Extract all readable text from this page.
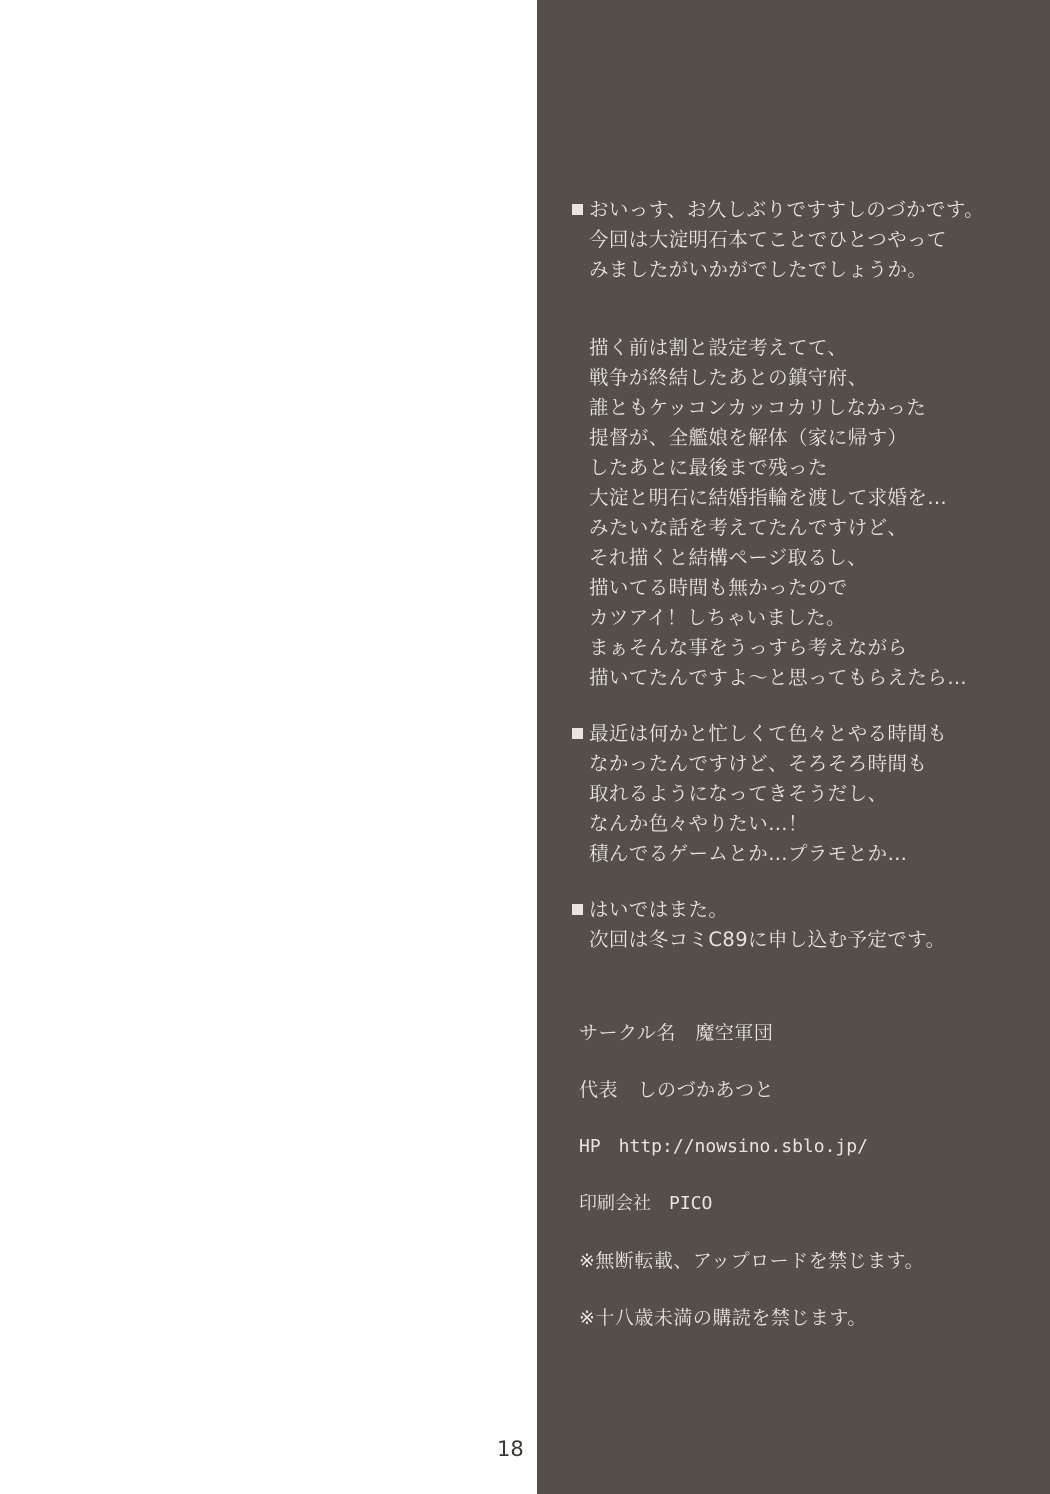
おいっす、お久しぶりですすしのづかです。
今回は大淀明石本てことでひとつやって
みましたがいかがでしたでしょうか。
描く前は割と設定考えてて、
戦争が終結したあとの鎮守府、
誰ともケッコンカッコカリしなかった
提督が、全艦娘を解体（家に帰す）
したあとに最後まで残った
大淀と明石に結婚指輪を渡して求婚を…
みたいな話を考えてたんですけど、
それ描くと結構ページ取るし、
描いてる時間も無かったので
カツアイ！しちゃいました。
まぁそんな事をうっすら考えながら
描いてたんですよ～と思ってもらえたら…
最近は何かと忙しくて色々とやる時間も
なかったんですけど、そろそろ時間も
取れるようになってきそうだし、
なんか色々やりたい…！
積んでるゲームとか…プラモとか…
はいではまた。
次回は冬コミC89に申し込む予定です。
サークル名　魔空軍団
代表　しのづかあつと
HP　http://nowsino.sblo.jp/
印刷会社　PICO
※無断転載、アップロードを禁じます。
※十八歳未満の購読を禁じます。
18
